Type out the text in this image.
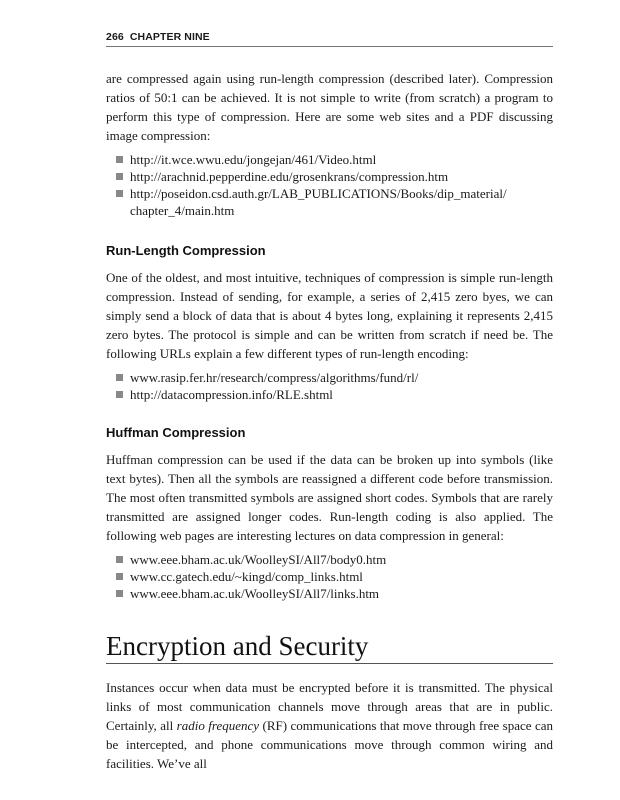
266 CHAPTER NINE

are compressed again using run-length compression (described later). Compression ratios of 50:1 can be achieved. It is not simple to write (from scratch) a program to perform this type of compression. Here are some web sites and a PDF discussing image compression:

http://it.wce.wwu.edu/jongejan/461/Video.html
http://arachnid.pepperdine.edu/grosenkrans/compression.htm
http://poseidon.csd.auth.gr/LAB_PUBLICATIONS/Books/dip_material/ chapter_4/main.htm
Run-Length Compression

One of the oldest, and most intuitive, techniques of compression is simple run-length compression. Instead of sending, for example, a series of 2,415 zero byes, we can simply send a block of data that is about 4 bytes long, explaining it represents 2,415 zero bytes. The protocol is simple and can be written from scratch if need be. The following URLs explain a few different types of run-length encoding:

www.rasip.fer.hr/research/compress/algorithms/fund/rl/
http://datacompression.info/RLE.shtml
Huffman Compression

Huffman compression can be used if the data can be broken up into symbols (like text bytes). Then all the symbols are reassigned a different code before transmission. The most often transmitted symbols are assigned short codes. Symbols that are rarely transmitted are assigned longer codes. Run-length coding is also applied. The following web pages are interesting lectures on data compression in general:

www.eee.bham.ac.uk/WoolleySI/All7/body0.htm
www.cc.gatech.edu/~kingd/comp_links.html
www.eee.bham.ac.uk/WoolleySI/All7/links.htm
Encryption and Security

Instances occur when data must be encrypted before it is transmitted. The physical links of most communication channels move through areas that are in public. Certainly, all radio frequency (RF) communications that move through free space can be intercepted, and phone communications move through common wiring and facilities. We’ve all
